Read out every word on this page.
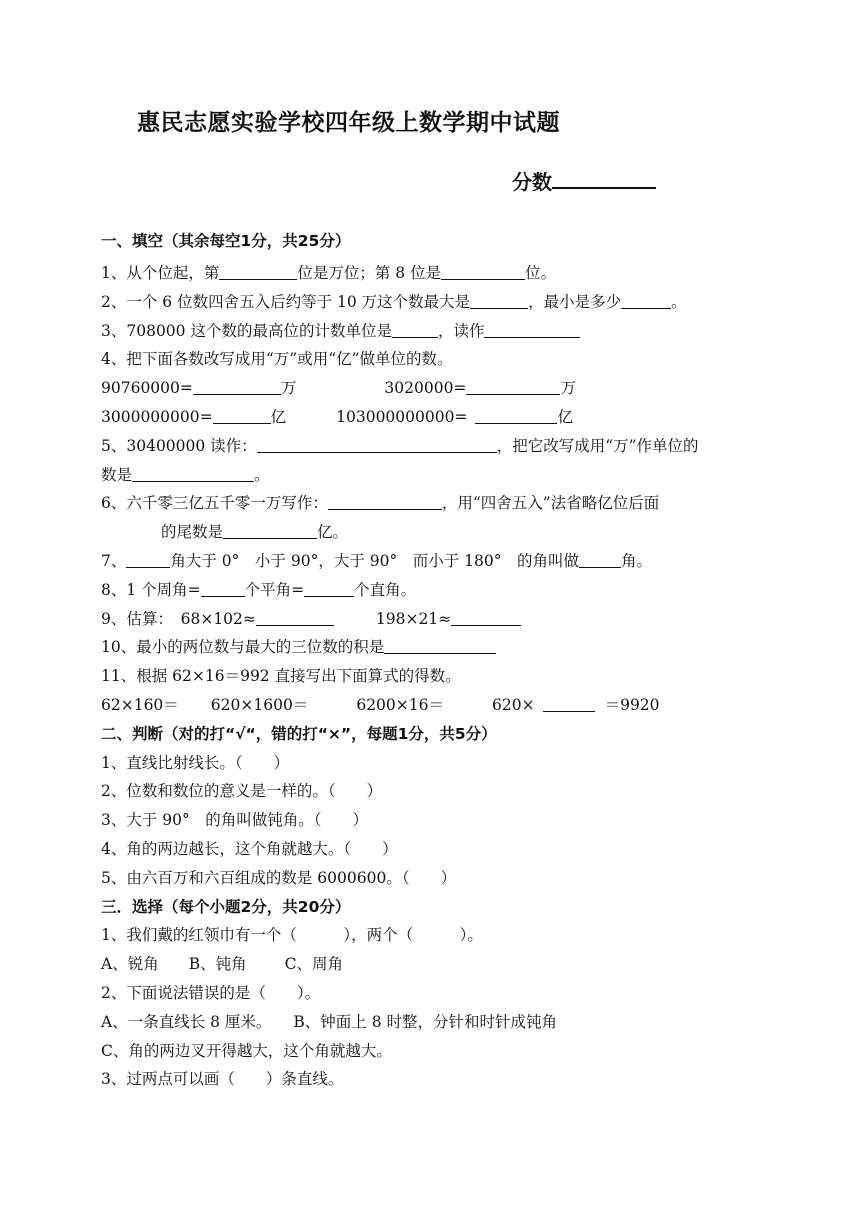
惠民志愿实验学校四年级上数学期中试题
分数
一、填空（其余每空1分，共25分）
1、从个位起，第	位是万位；第 8 位是	位。
2、一个 6 位数四舍五入后约等于 10 万这个数最大是	，最小是多少	。
3、708000 这个数的最高位的计数单位是	，读作
4、把下面各数改写成用“万”或用“亿”做单位的数。
90760000=	万	3020000=	万
3000000000=	亿	103000000000=	亿
5、30400000 读作：	，把它改写成用“万”作单位的
数是	。
6、六千零三亿五千零一万写作：	，用“四舍五入”法省略亿位后面
的尾数是	亿。
7、	角大于 0°　小于 90°，大于 90°　而小于 180°　的角叫做	角。
8、1 个周角=	个平角=	个直角。
9、估算：　68×102≈	198×21≈
10、最小的两位数与最大的三位数的积是
11、根据 62×16＝992 直接写出下面算式的得数。
62×160＝ 620×1600＝	6200×16＝	620×	＝9920
二、判断（对的打“√“，错的打“×”，每题1分，共5分）
1、直线比射线长。（　　）
2、位数和数位的意义是一样的。（　　）
3、大于 90°　的角叫做钝角。（　　）
4、角的两边越长，这个角就越大。（　　）
5、由六百万和六百组成的数是 6000600。（　　）
三．选择（每个小题2分，共20分）
1、我们戴的红领巾有一个（　　　），两个（　　　）。
A、锐角 B、钝角 C、周角
2、下面说法错误的是（　　）。
A、一条直线长 8 厘米。 B、钟面上 8 时整，分针和时针成钝角
C、角的两边叉开得越大，这个角就越大。
3、过两点可以画（　　）条直线。
